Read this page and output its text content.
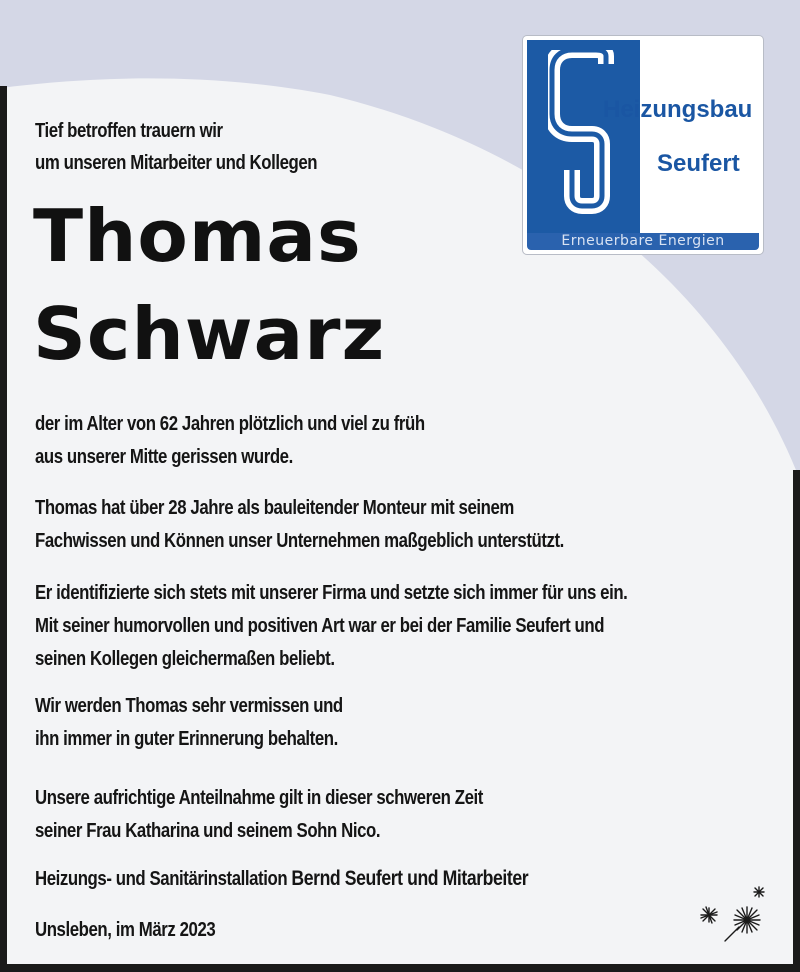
Heizungsbau
Seufert
Erneuerbare Energien

Tief betroffen trauern wir
um unseren Mitarbeiter und Kollegen

Thomas

Schwarz

der im Alter von 62 Jahren plötzlich und viel zu früh
aus unserer Mitte gerissen wurde.

Thomas hat über 28 Jahre als bauleitender Monteur mit seinem
Fachwissen und Können unser Unternehmen maßgeblich unterstützt.

Er identifizierte sich stets mit unserer Firma und setzte sich immer für uns ein.
Mit seiner humorvollen und positiven Art war er bei der Familie Seufert und
seinen Kollegen gleichermaßen beliebt.

Wir werden Thomas sehr vermissen und
ihn immer in guter Erinnerung behalten.

Unsere aufrichtige Anteilnahme gilt in dieser schweren Zeit
seiner Frau Katharina und seinem Sohn Nico.

Heizungs- und Sanitärinstallation Bernd Seufert und Mitarbeiter

Unsleben, im März 2023
